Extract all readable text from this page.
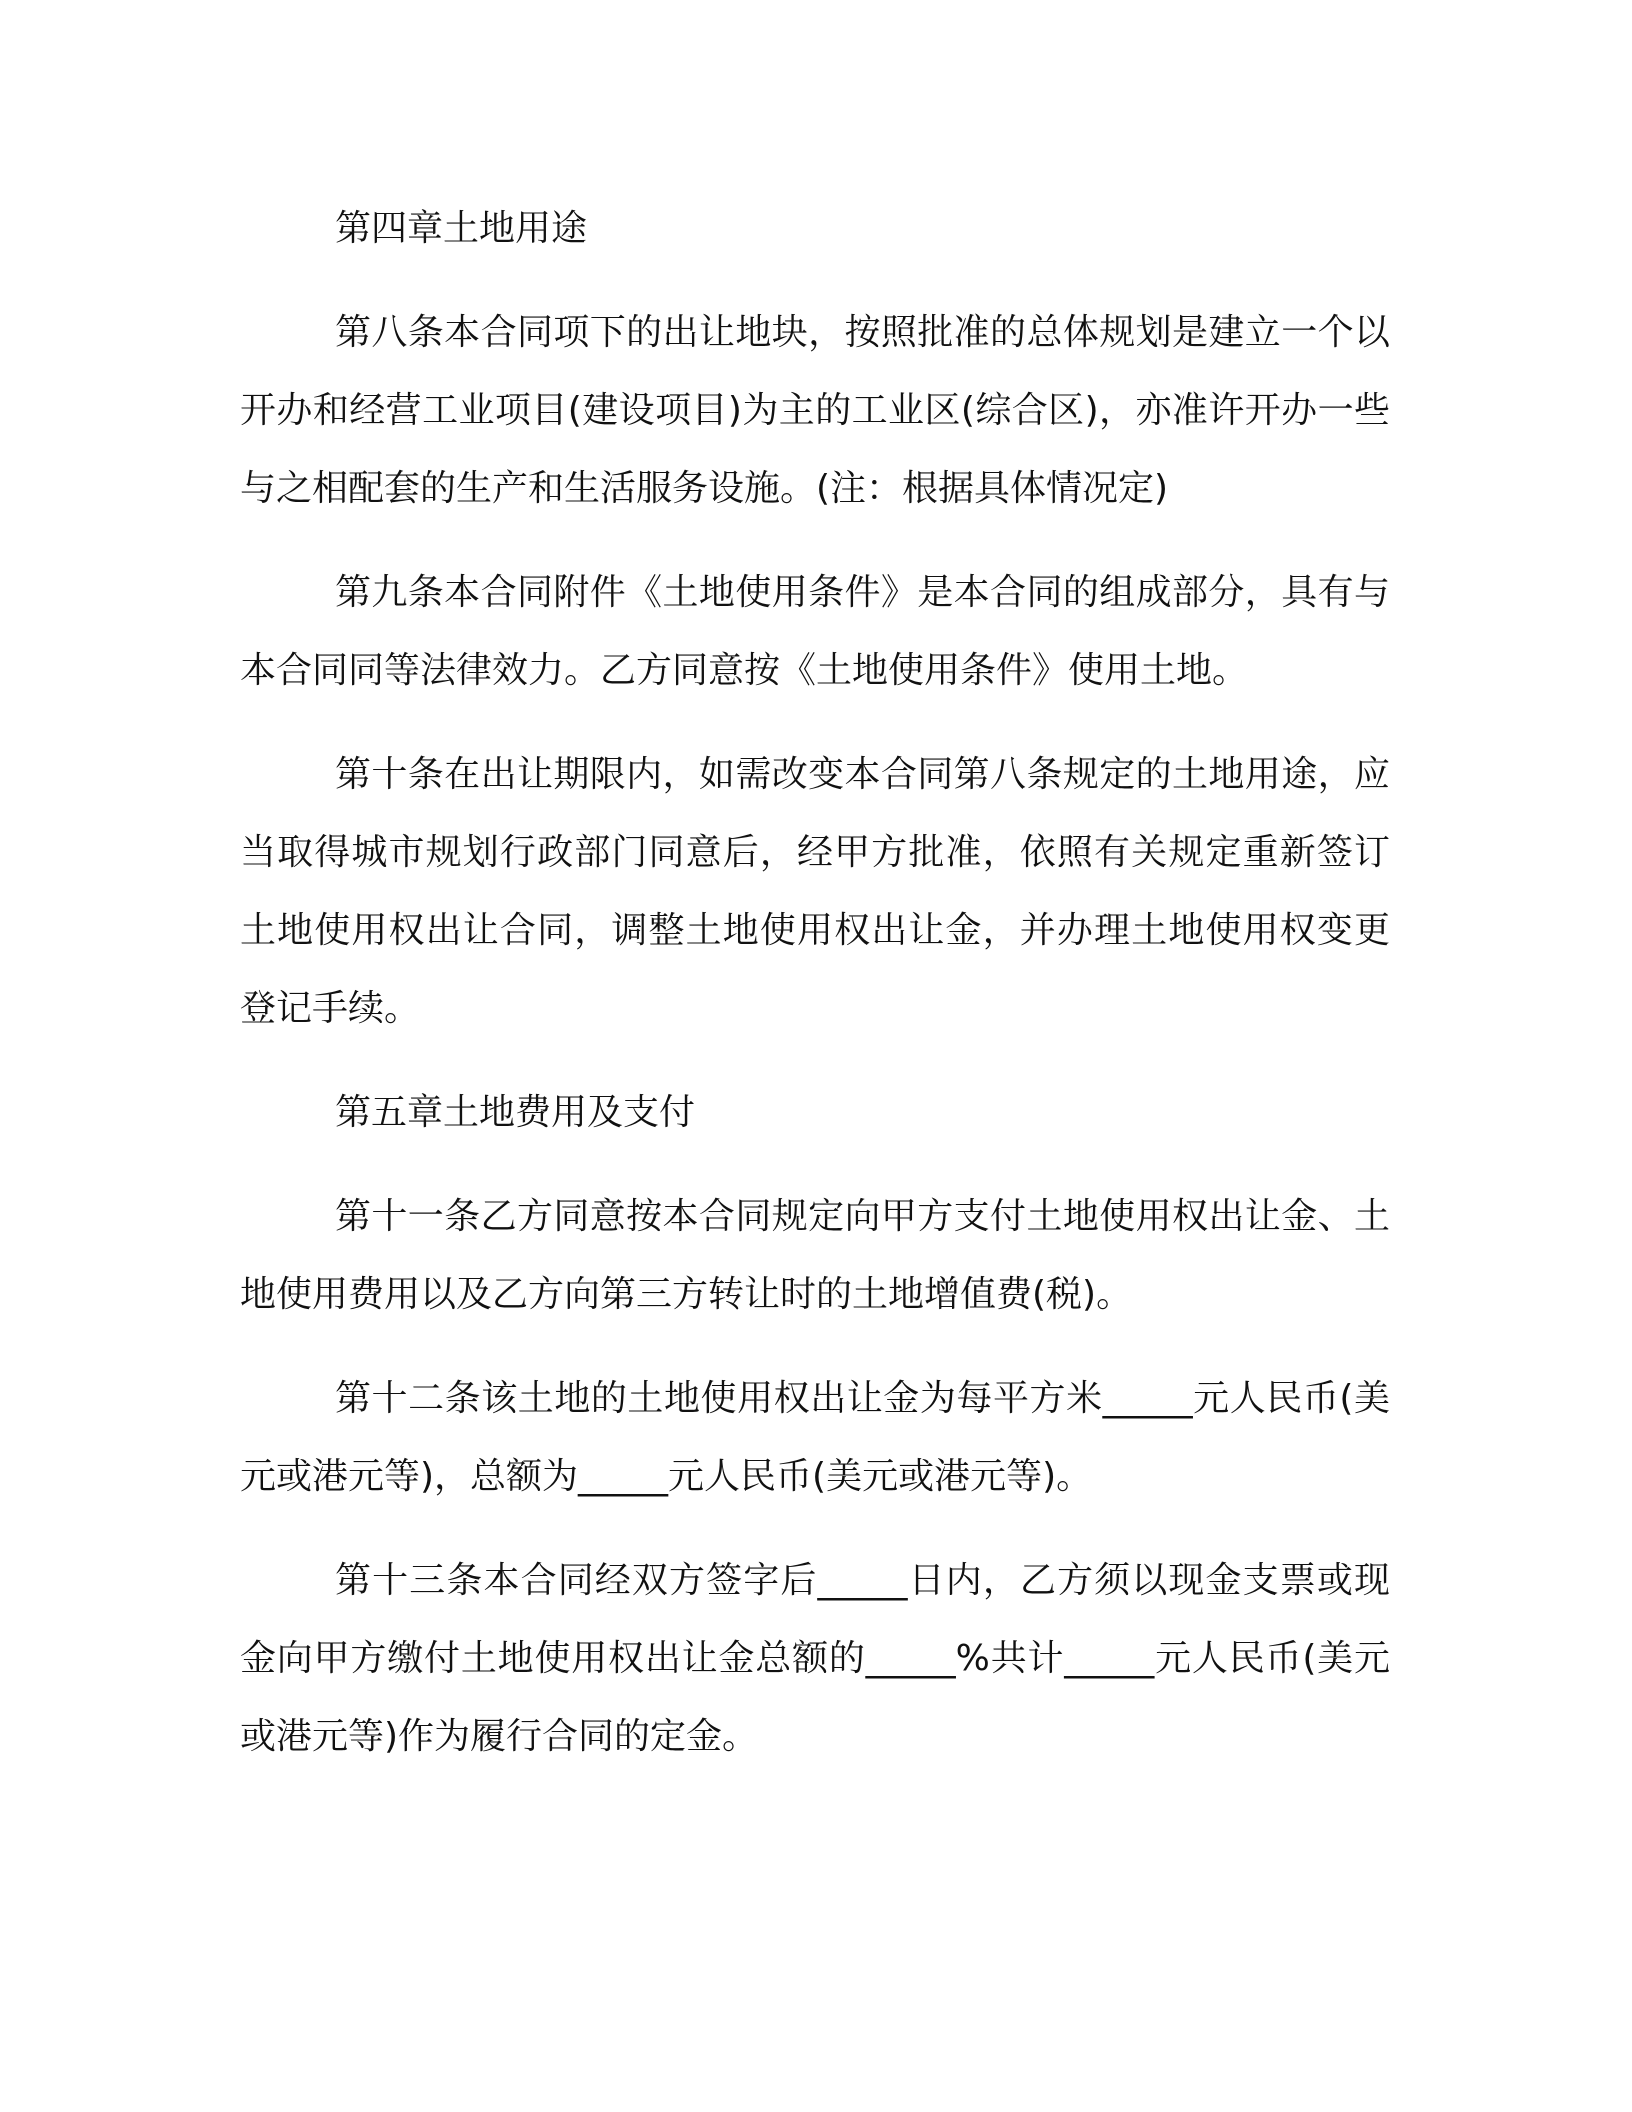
第四章土地用途

第八条本合同项下的出让地块，按照批准的总体规划是建立一个以开办和经营工业项目(建设项目)为主的工业区(综合区)，亦准许开办一些与之相配套的生产和生活服务设施。(注：根据具体情况定)

第九条本合同附件《土地使用条件》是本合同的组成部分，具有与本合同同等法律效力。乙方同意按《土地使用条件》使用土地。

第十条在出让期限内，如需改变本合同第八条规定的土地用途，应当取得城市规划行政部门同意后，经甲方批准，依照有关规定重新签订土地使用权出让合同，调整土地使用权出让金，并办理土地使用权变更登记手续。

第五章土地费用及支付

第十一条乙方同意按本合同规定向甲方支付土地使用权出让金、土地使用费用以及乙方向第三方转让时的土地增值费(税)。

第十二条该土地的土地使用权出让金为每平方米_____元人民币(美元或港元等)，总额为_____元人民币(美元或港元等)。

第十三条本合同经双方签字后_____日内，乙方须以现金支票或现金向甲方缴付土地使用权出让金总额的_____%共计_____元人民币(美元或港元等)作为履行合同的定金。
